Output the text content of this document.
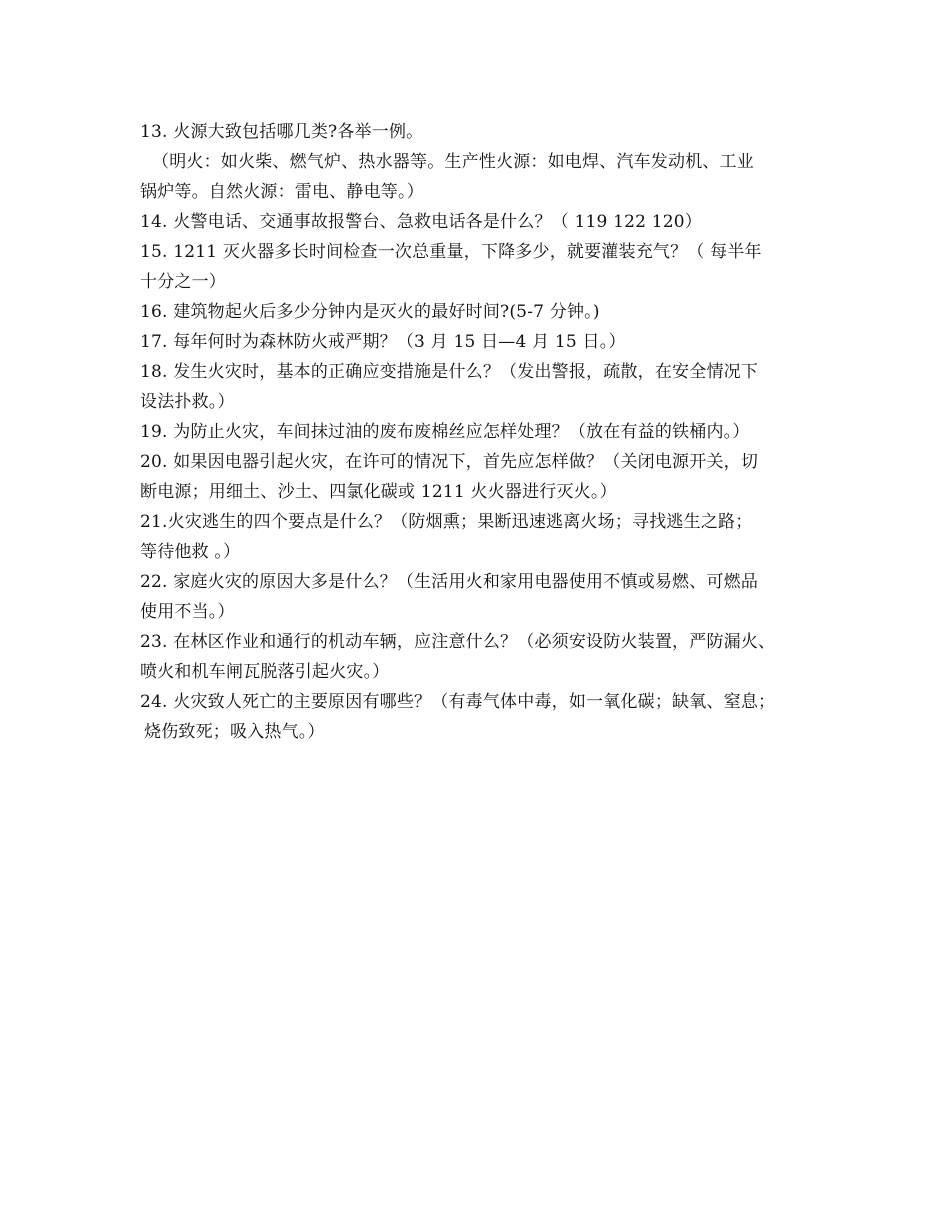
13. 火源大致包括哪几类?各举一例。
（明火：如火柴、燃气炉、热水器等。生产性火源：如电焊、汽车发动机、工业
锅炉等。自然火源：雷电、静电等。）
14. 火警电话、交通事故报警台、急救电话各是什么？（ 119 122 120）
15. 1211 灭火器多长时间检查一次总重量，下降多少，就要灌装充气？（ 每半年
十分之一）
16. 建筑物起火后多少分钟内是灭火的最好时间?(5-7 分钟。)
17. 每年何时为森林防火戒严期？（3 月 15 日—4 月 15 日。）
18. 发生火灾时，基本的正确应变措施是什么？（发出警报，疏散，在安全情况下
设法扑救。）
19. 为防止火灾，车间抹过油的废布废棉丝应怎样处理？（放在有益的铁桶内。）
20. 如果因电器引起火灾，在许可的情况下，首先应怎样做？（关闭电源开关，切
断电源；用细土、沙土、四氯化碳或 1211 火火器进行灭火。）
21.火灾逃生的四个要点是什么？（防烟熏；果断迅速逃离火场；寻找逃生之路；
等待他救 。）
22. 家庭火灾的原因大多是什么？（生活用火和家用电器使用不慎或易燃、可燃品
使用不当。）
23. 在林区作业和通行的机动车辆，应注意什么？（必须安设防火装置，严防漏火、
喷火和机车闸瓦脱落引起火灾。）
24. 火灾致人死亡的主要原因有哪些？（有毒气体中毒，如一氧化碳；缺氧、窒息；
烧伤致死；吸入热气。）
